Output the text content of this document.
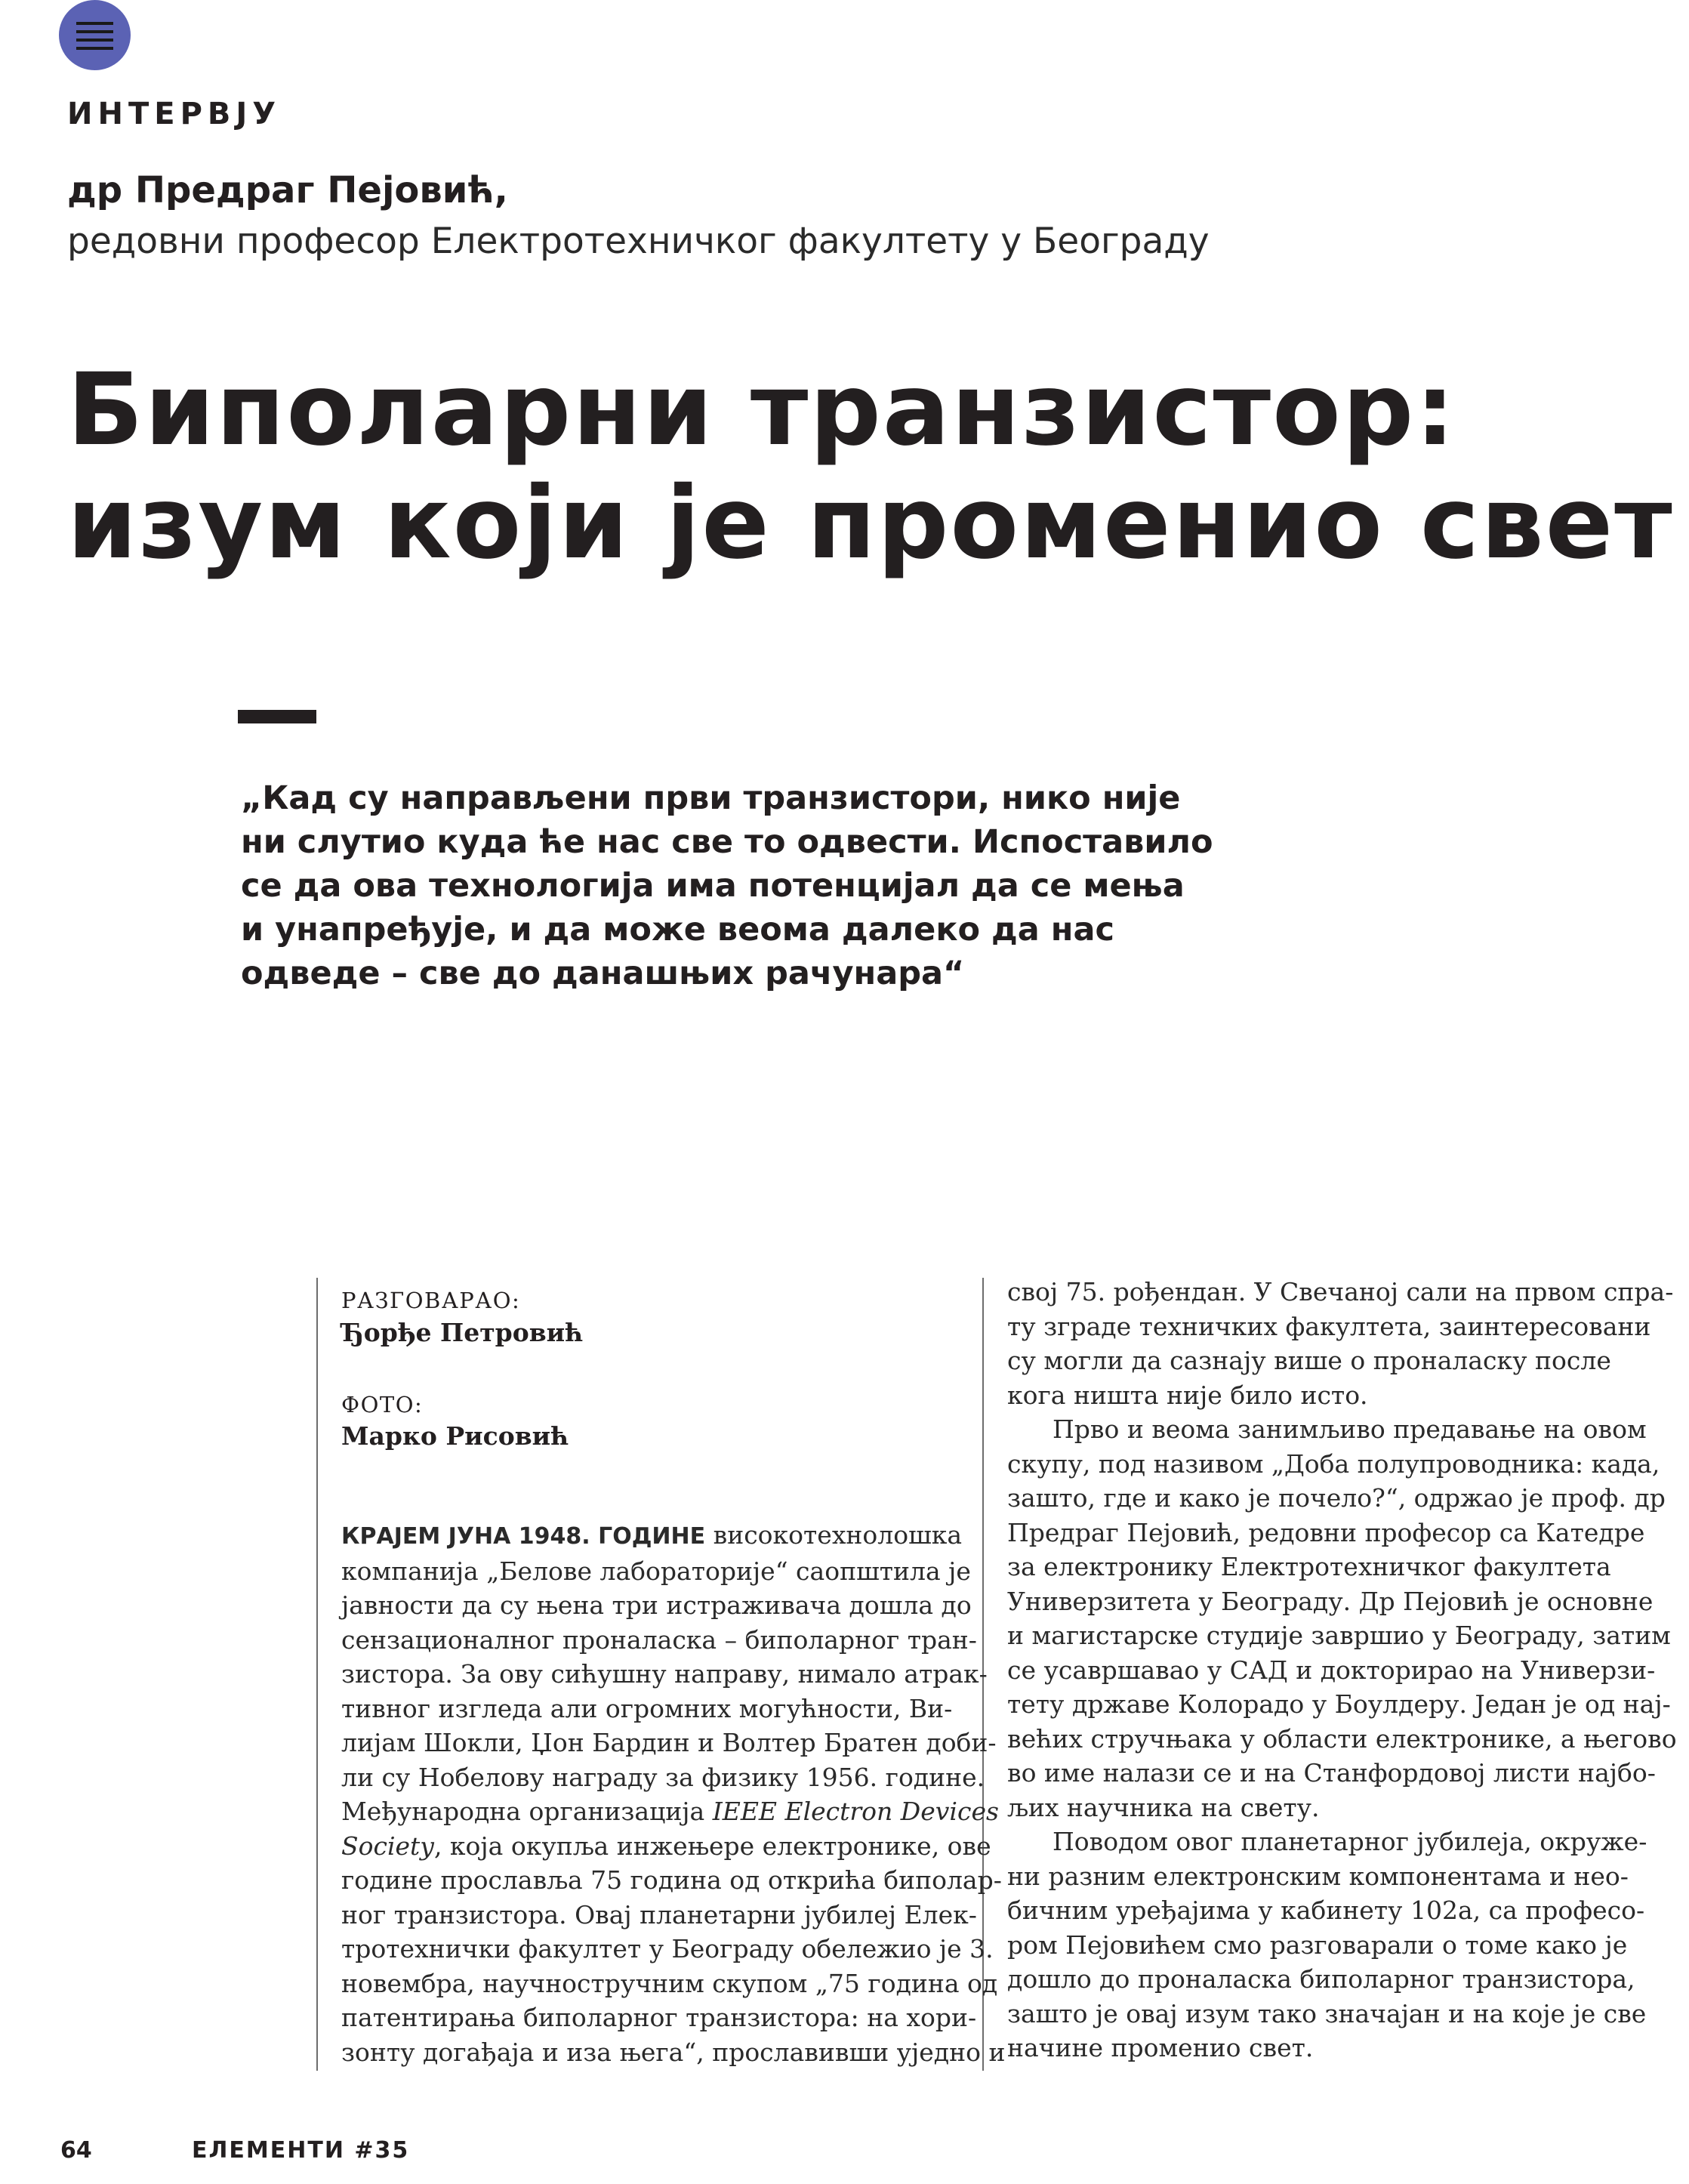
ИНТЕРВЈУ
др Предраг Пејовић,
редовни професор Електротехничког факултету у Београду
Биполарни транзистор:
изум који је променио свет
„Кад су направљени први транзистори, нико није
ни слутио куда ће нас све то одвести. Испоставило
се да ова технологија има потенцијал да се мења
и унапређује, и да може веома далеко да нас
одведе – све до данашњих рачунара“
РАЗГОВАРАО:
Ђорђе Петровић
ФОТО:
Марко Рисовић
КРАЈЕМ ЈУНА 1948. ГОДИНЕ високотехнолошка
компанија „Белове лабораторије“ саопштила је
јавности да су њена три истраживача дошла до
сензационалног проналаска – биполарног тран-
зистора. За ову сићушну направу, нимало атрак-
тивног изгледа али огромних могућности, Ви-
лијам Шокли, Џон Бардин и Волтер Братен доби-
ли су Нобелову награду за физику 1956. године.
Међународна организација IEEE Electron Devices
Society, која окупља инжењере електронике, ове
године прославља 75 година од открића биполар-
ног транзистора. Овај планетарни јубилеј Елек-
тротехнички факултет у Београду обележио је 3.
новембра, научностручним скупом „75 година од
патентирања биполарног транзистора: на хори-
зонту догађаја и иза њега“, прославивши уједно и
свој 75. рођендан. У Свечаној сали на првом спра-
ту зграде техничких факултета, заинтересовани
су могли да сазнају више о проналаску после
кога ништа није било исто.
Прво и веома занимљиво предавање на овом
скупу, под називом „Доба полупроводника: када,
зашто, где и како је почело?“, одржао је проф. др
Предраг Пејовић, редовни професор са Катедре
за електронику Електротехничког факултета
Универзитета у Београду. Др Пејовић је основне
и магистарске студије завршио у Београду, затим
се усавршавао у САД и докторирао на Универзи-
тету државе Колорадо у Боулдеру. Један је од нај-
већих стручњака у области електронике, а његово
во име налази се и на Станфордовој листи најбо-
љих научника на свету.
Поводом овог планетарног јубилеја, окруже-
ни разним електронским компонентама и нео-
бичним уређајима у кабинету 102а, са професо-
ром Пејовићем смо разговарали о томе како је
дошло до проналаска биполарног транзистора,
зашто је овај изум тако значајан и на које је све
начине променио свет.
64	ЕЛЕМЕНТИ #35
